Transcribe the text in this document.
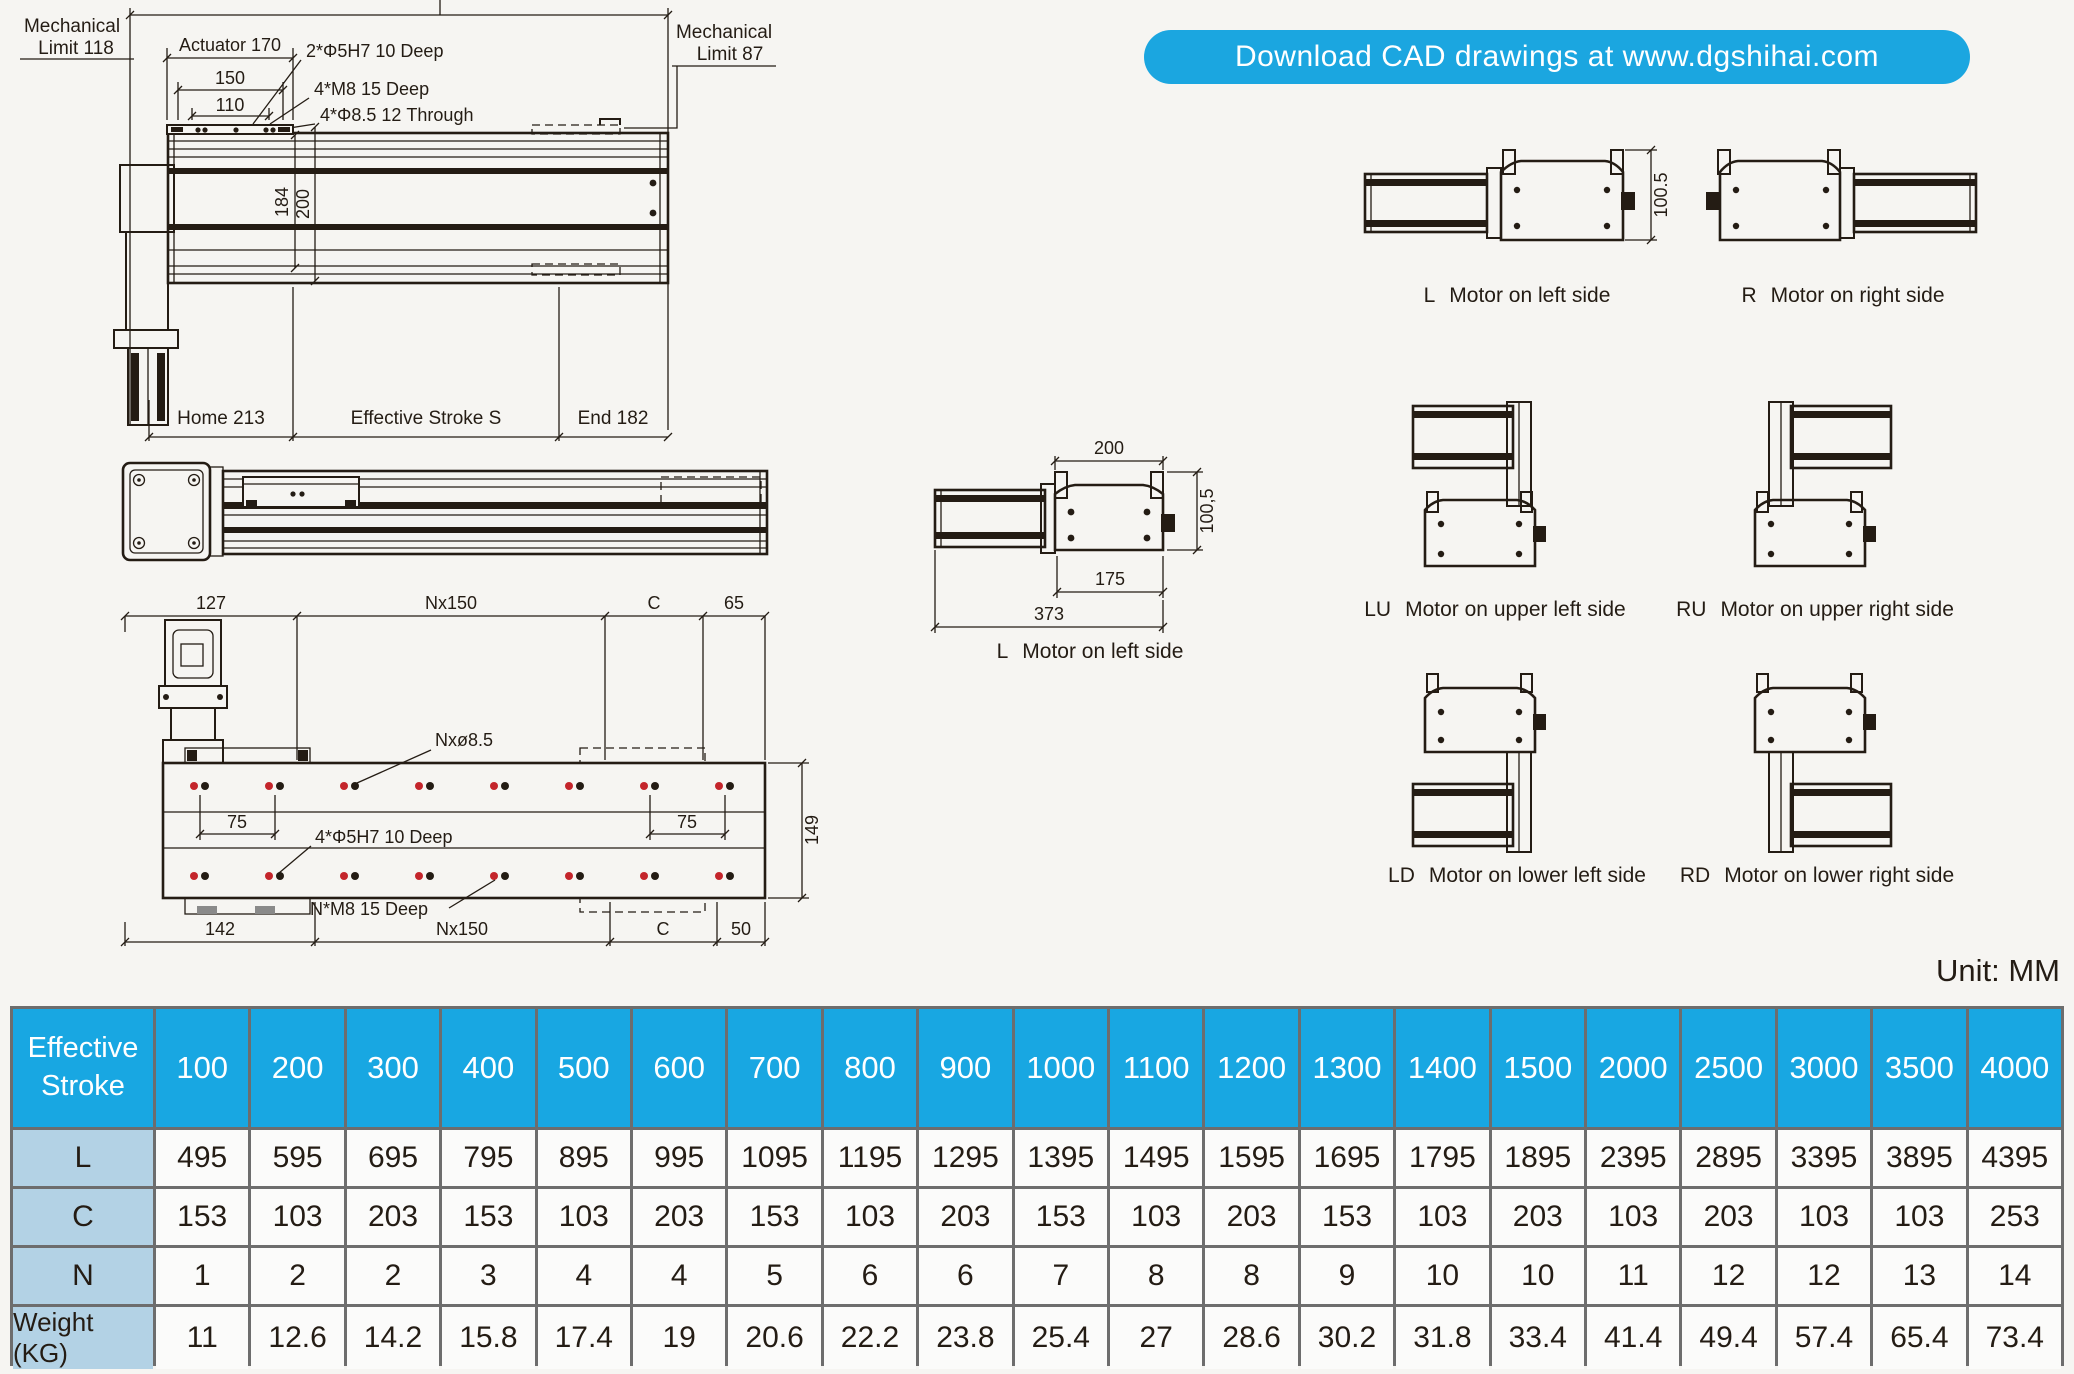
Mechanical
Limit 118
Mechanical
Limit 87
Actuator 170
150
110
2*Φ5H7 10 Deep
4*M8 15 Deep
4*Φ8.5 12 Through
184 200
Home 213	Effective Stroke S	End 182
127	Nx150	C	65
75	75	149
Nxø8.5
4*Φ5H7 10 Deep
N*M8 15 Deep
142	Nx150	C	50
Download CAD drawings at www.dgshihai.com
200
100,5
175
373
L Motor on left side
100.5
L Motor on left side	R Motor on right side
LU Motor on upper left side RU Motor on upper right side
LD Motor on lower left side RD Motor on lower right side
Unit: MM
Effective
Stroke
100	200	300	400	500	600	700	800	900	1000 1100 1200 1300 1400 1500 2000 2500 3000 3500 4000
L	495	595	695	795	895	995	1095 1195 1295 1395 1495 1595 1695 1795 1895 2395 2895 3395 3895 4395
C	153	103	203	153	103	203	153	103	203	153	103	203	153	103	203	103	203	103	103	253
N	1	2	2	3	4	4	5	6	6	7	8	8	9	10	10	11	12	12	13	14
Weight (KG)	11	12.6	14.2	15.8	17.4	19	20.6	22.2	23.8	25.4	27	28.6	30.2	31.8	33.4	41.4	49.4	57.4	65.4	73.4
